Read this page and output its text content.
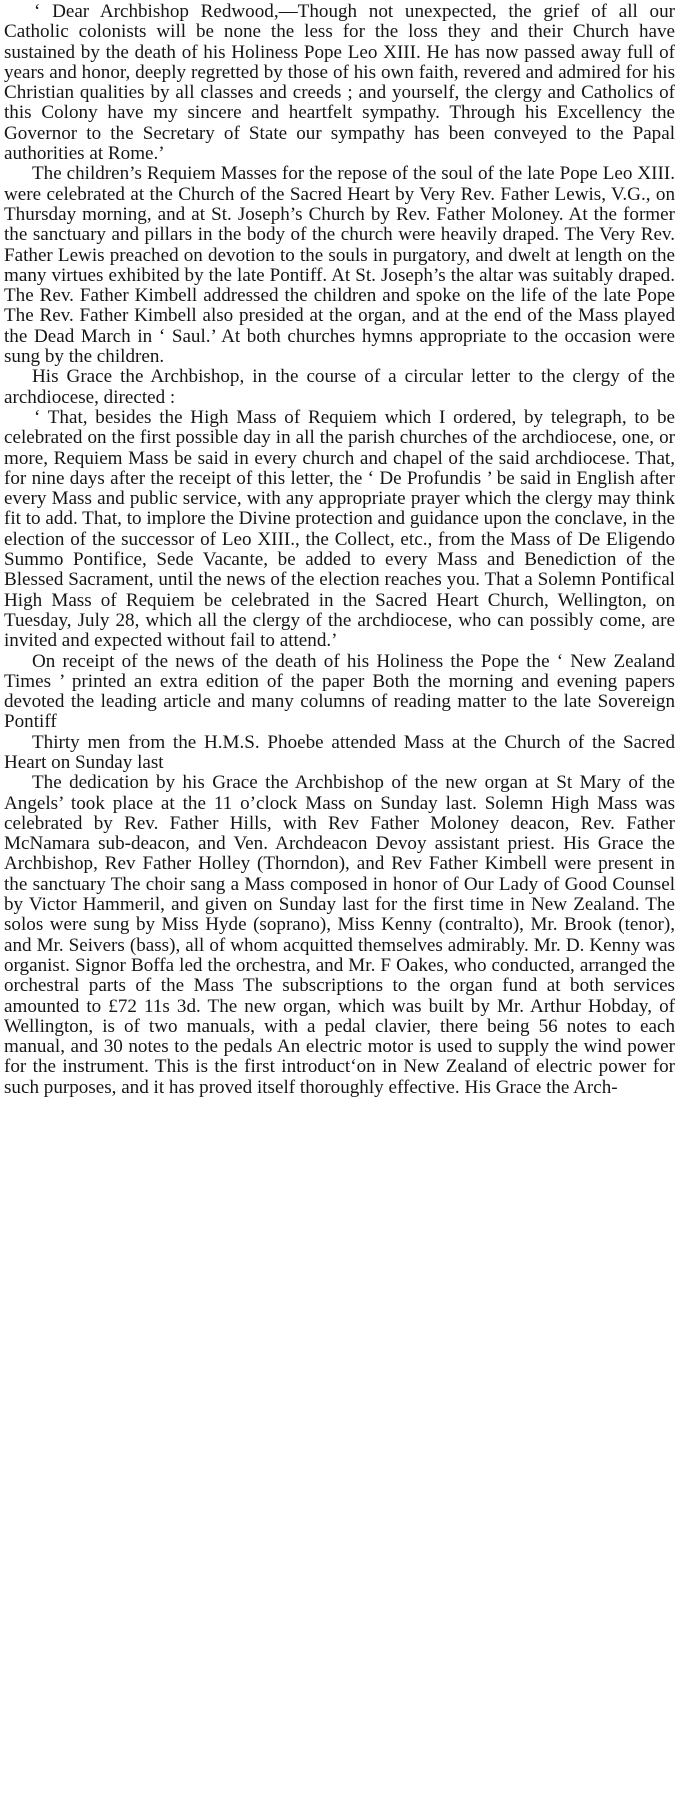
‘ Dear Archbishop Redwood,—Though not unexpected, the grief of all our Catholic colonists will be none the less for the loss they and their Church have sustained by the death of his Holiness Pope Leo XIII. He has now passed away full of years and honor, deeply regretted by those of his own faith, revered and admired for his Christian qualities by all classes and creeds ; and yourself, the clergy and Catholics of this Colony have my sincere and heartfelt sympathy. Through his Excellency the Governor to the Secretary of State our sympathy has been conveyed to the Papal authorities at Rome.’

The children’s Requiem Masses for the repose of the soul of the late Pope Leo XIII. were celebrated at the Church of the Sacred Heart by Very Rev. Father Lewis, V.G., on Thursday morning, and at St. Joseph’s Church by Rev. Father Moloney. At the former the sanctuary and pillars in the body of the church were heavily draped. The Very Rev. Father Lewis preached on devotion to the souls in purgatory, and dwelt at length on the many virtues exhibited by the late Pontiff. At St. Joseph’s the altar was suitably draped. The Rev. Father Kimbell addressed the children and spoke on the life of the late Pope The Rev. Father Kimbell also presided at the organ, and at the end of the Mass played the Dead March in ‘ Saul.’ At both churches hymns appropriate to the occasion were sung by the children.

His Grace the Archbishop, in the course of a circular letter to the clergy of the archdiocese, directed :

‘ That, besides the High Mass of Requiem which I ordered, by telegraph, to be celebrated on the first possible day in all the parish churches of the archdiocese, one, or more, Requiem Mass be said in every church and chapel of the said archdiocese. That, for nine days after the receipt of this letter, the ‘ De Profundis ’ be said in English after every Mass and public service, with any appropriate prayer which the clergy may think fit to add. That, to implore the Divine protection and guidance upon the conclave, in the election of the successor of Leo XIII., the Collect, etc., from the Mass of De Eligendo Summo Pontifice, Sede Vacante, be added to every Mass and Benediction of the Blessed Sacrament, until the news of the election reaches you. That a Solemn Pontifical High Mass of Requiem be celebrated in the Sacred Heart Church, Wellington, on Tuesday, July 28, which all the clergy of the archdiocese, who can possibly come, are invited and expected without fail to attend.’

On receipt of the news of the death of his Holiness the Pope the ‘ New Zealand Times ’ printed an extra edition of the paper Both the morning and evening papers devoted the leading article and many columns of reading matter to the late Sovereign Pontiff

Thirty men from the H.M.S. Phoebe attended Mass at the Church of the Sacred Heart on Sunday last

The dedication by his Grace the Archbishop of the new organ at St Mary of the Angels’ took place at the 11 o’clock Mass on Sunday last. Solemn High Mass was celebrated by Rev. Father Hills, with Rev Father Moloney deacon, Rev. Father McNamara sub-deacon, and Ven. Archdeacon Devoy assistant priest. His Grace the Archbishop, Rev Father Holley (Thorndon), and Rev Father Kimbell were present in the sanctuary The choir sang a Mass composed in honor of Our Lady of Good Counsel by Victor Hammeril, and given on Sunday last for the first time in New Zealand. The solos were sung by Miss Hyde (soprano), Miss Kenny (contralto), Mr. Brook (tenor), and Mr. Seivers (bass), all of whom acquitted themselves admirably. Mr. D. Kenny was organist. Signor Boffa led the orchestra, and Mr. F Oakes, who conducted, arranged the orchestral parts of the Mass The subscriptions to the organ fund at both services amounted to £72 11s 3d. The new organ, which was built by Mr. Arthur Hobday, of Wellington, is of two manuals, with a pedal clavier, there being 56 notes to each manual, and 30 notes to the pedals An electric motor is used to supply the wind power for the instrument. This is the first introduct‘on in New Zealand of electric power for such purposes, and it has proved itself thoroughly effective. His Grace the Arch-
